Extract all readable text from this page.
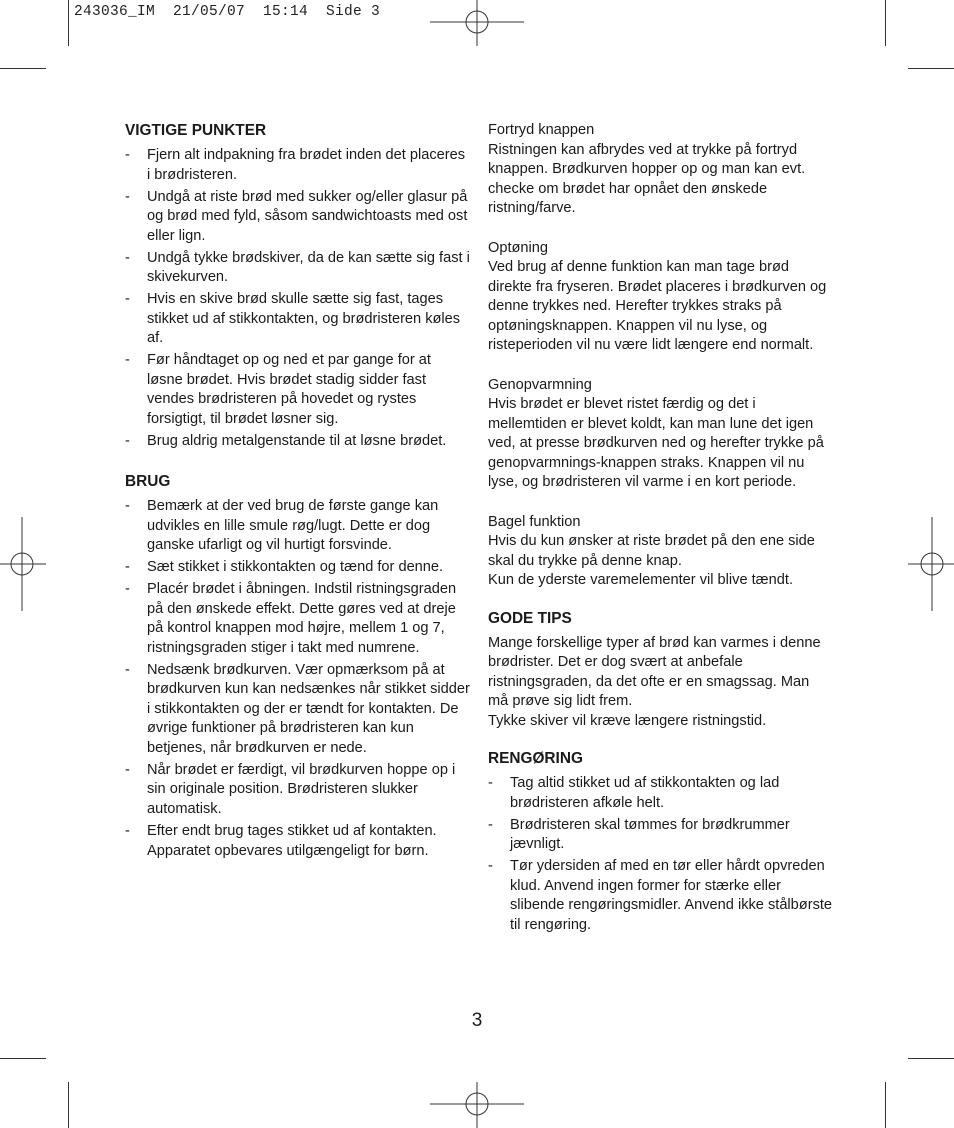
243036_IM  21/05/07  15:14  Side 3
VIGTIGE PUNKTER
- Fjern alt indpakning fra brødet inden det placeres i brødristeren.
- Undgå at riste brød med sukker og/eller glasur på og brød med fyld, såsom sandwichtoasts med ost eller lign.
- Undgå tykke brødskiver, da de kan sætte sig fast i skivekurven.
- Hvis en skive brød skulle sætte sig fast, tages stikket ud af stikkontakten, og brødristeren køles af.
- Før håndtaget op og ned et par gange for at løsne brødet. Hvis brødet stadig sidder fast vendes brødristeren på hovedet og rystes forsigtigt, til brødet løsner sig.
- Brug aldrig metalgenstande til at løsne brødet.
BRUG
- Bemærk at der ved brug de første gange kan udvikles en lille smule røg/lugt. Dette er dog ganske ufarligt og vil hurtigt forsvinde.
- Sæt stikket i stikkontakten og tænd for denne.
- Placér brødet i åbningen. Indstil ristningsgraden på den ønskede effekt. Dette gøres ved at dreje på kontrol knappen mod højre, mellem 1 og 7, ristningsgraden stiger i takt med numrene.
- Nedsænk brødkurven. Vær opmærksom på at brødkurven kun kan nedsænkes når stikket sidder i stikkontakten og der er tændt for kontakten. De øvrige funktioner på brødristeren kan kun betjenes, når brødkurven er nede.
- Når brødet er færdigt, vil brødkurven hoppe op i sin originale position. Brødristeren slukker automatisk.
- Efter endt brug tages stikket ud af kontakten. Apparatet opbevares utilgængeligt for børn.

Fortryd knappen

Ristningen kan afbrydes ved at trykke på fortryd knappen. Brødkurven hopper op og man kan evt. checke om brødet har opnået den ønskede ristning/farve.

Optøning

Ved brug af denne funktion kan man tage brød direkte fra fryseren. Brødet placeres i brødkurven og denne trykkes ned. Herefter trykkes straks på optøningsknappen. Knappen vil nu lyse, og risteperioden vil nu være lidt længere end normalt.

Genopvarmning

Hvis brødet er blevet ristet færdig og det i mellemtiden er blevet koldt, kan man lune det igen ved, at presse brødkurven ned og herefter trykke på genopvarmnings-knappen straks. Knappen vil nu lyse, og brødristeren vil varme i en kort periode.

Bagel funktion

Hvis du kun ønsker at riste brødet på den ene side skal du trykke på denne knap.

Kun de yderste varemelementer vil blive tændt.

GODE TIPS

Mange forskellige typer af brød kan varmes i denne brødrister. Det er dog svært at anbefale ristningsgraden, da det ofte er en smagssag. Man må prøve sig lidt frem.

Tykke skiver vil kræve længere ristningstid.

RENGØRING
- Tag altid stikket ud af stikkontakten og lad brødristeren afkøle helt.
- Brødristeren skal tømmes for brødkrummer jævnligt.
- Tør ydersiden af med en tør eller hårdt opvreden klud. Anvend ingen former for stærke eller slibende rengøringsmidler. Anvend ikke stålbørste til rengøring.
3
